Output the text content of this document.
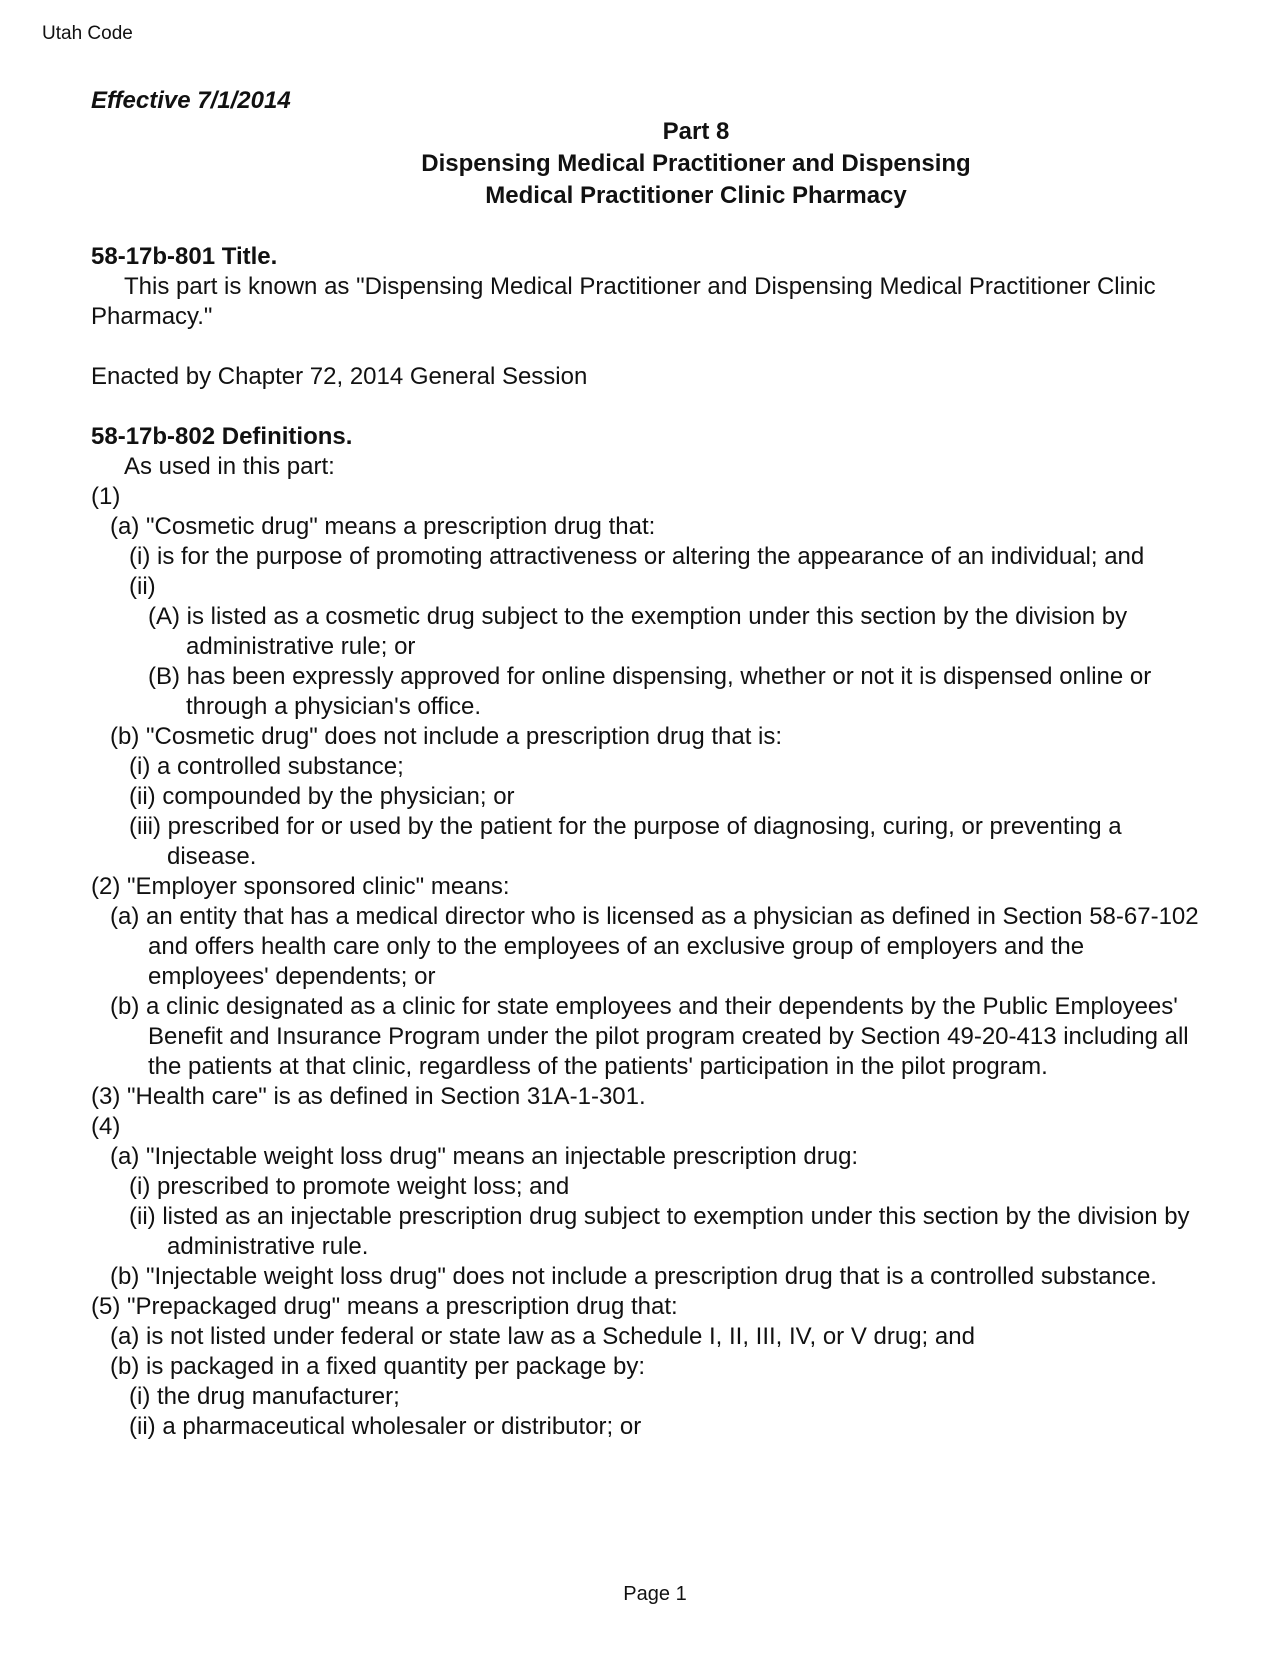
Utah Code

Effective 7/1/2014

Part 8

Dispensing Medical Practitioner and Dispensing

Medical Practitioner Clinic Pharmacy

58-17b-801 Title.

This part is known as "Dispensing Medical Practitioner and Dispensing Medical Practitioner Clinic Pharmacy."

Enacted by Chapter 72, 2014 General Session

58-17b-802 Definitions.

As used in this part:

(1)

(a) "Cosmetic drug" means a prescription drug that:

(i) is for the purpose of promoting attractiveness or altering the appearance of an individual; and

(ii)

(A) is listed as a cosmetic drug subject to the exemption under this section by the division by administrative rule; or

(B) has been expressly approved for online dispensing, whether or not it is dispensed online or through a physician's office.

(b) "Cosmetic drug" does not include a prescription drug that is:

(i) a controlled substance;

(ii) compounded by the physician; or

(iii) prescribed for or used by the patient for the purpose of diagnosing, curing, or preventing a disease.

(2) "Employer sponsored clinic" means:

(a) an entity that has a medical director who is licensed as a physician as defined in Section 58-67-102 and offers health care only to the employees of an exclusive group of employers and the employees' dependents; or

(b) a clinic designated as a clinic for state employees and their dependents by the Public Employees' Benefit and Insurance Program under the pilot program created by Section 49-20-413 including all the patients at that clinic, regardless of the patients' participation in the pilot program.

(3) "Health care" is as defined in Section 31A-1-301.

(4)

(a) "Injectable weight loss drug" means an injectable prescription drug:

(i) prescribed to promote weight loss; and

(ii) listed as an injectable prescription drug subject to exemption under this section by the division by administrative rule.

(b) "Injectable weight loss drug" does not include a prescription drug that is a controlled substance.

(5) "Prepackaged drug" means a prescription drug that:

(a) is not listed under federal or state law as a Schedule I, II, III, IV, or V drug; and

(b) is packaged in a fixed quantity per package by:

(i) the drug manufacturer;

(ii) a pharmaceutical wholesaler or distributor; or

Page 1
